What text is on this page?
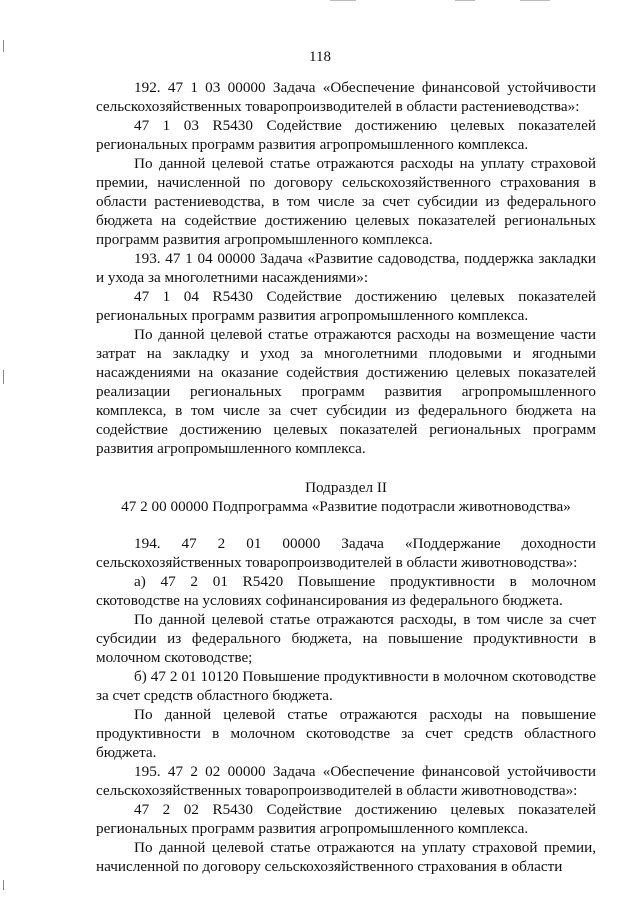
118

192. 47 1 03 00000 Задача «Обеспечение финансовой устойчивости сельскохозяйственных товаропроизводителей в области растениеводства»:

47 1 03 R5430 Содействие достижению целевых показателей региональных программ развития агропромышленного комплекса.

По данной целевой статье отражаются расходы на уплату страховой премии, начисленной по договору сельскохозяйственного страхования в области растениеводства, в том числе за счет субсидии из федерального бюджета на содействие достижению целевых показателей региональных программ развития агропромышленного комплекса.

193. 47 1 04 00000 Задача «Развитие садоводства, поддержка закладки и ухода за многолетними насаждениями»:

47 1 04 R5430 Содействие достижению целевых показателей региональных программ развития агропромышленного комплекса.

По данной целевой статье отражаются расходы на возмещение части затрат на закладку и уход за многолетними плодовыми и ягодными насаждениями на оказание содействия достижению целевых показателей реализации региональных программ развития агропромышленного комплекса, в том числе за счет субсидии из федерального бюджета на содействие достижению целевых показателей региональных программ развития агропромышленного комплекса.

Подраздел II

47 2 00 00000 Подпрограмма «Развитие подотрасли животноводства»

194. 47 2 01 00000 Задача «Поддержание доходности сельскохозяйственных товаропроизводителей в области животноводства»:

а) 47 2 01 R5420 Повышение продуктивности в молочном скотоводстве на условиях софинансирования из федерального бюджета.

По данной целевой статье отражаются расходы, в том числе за счет субсидии из федерального бюджета, на повышение продуктивности в молочном скотоводстве;

б) 47 2 01 10120 Повышение продуктивности в молочном скотоводстве за счет средств областного бюджета.

По данной целевой статье отражаются расходы на повышение продуктивности в молочном скотоводстве за счет средств областного бюджета.

195. 47 2 02 00000 Задача «Обеспечение финансовой устойчивости сельскохозяйственных товаропроизводителей в области животноводства»:

47 2 02 R5430 Содействие достижению целевых показателей региональных программ развития агропромышленного комплекса.

По данной целевой статье отражаются на уплату страховой премии, начисленной по договору сельскохозяйственного страхования в области
